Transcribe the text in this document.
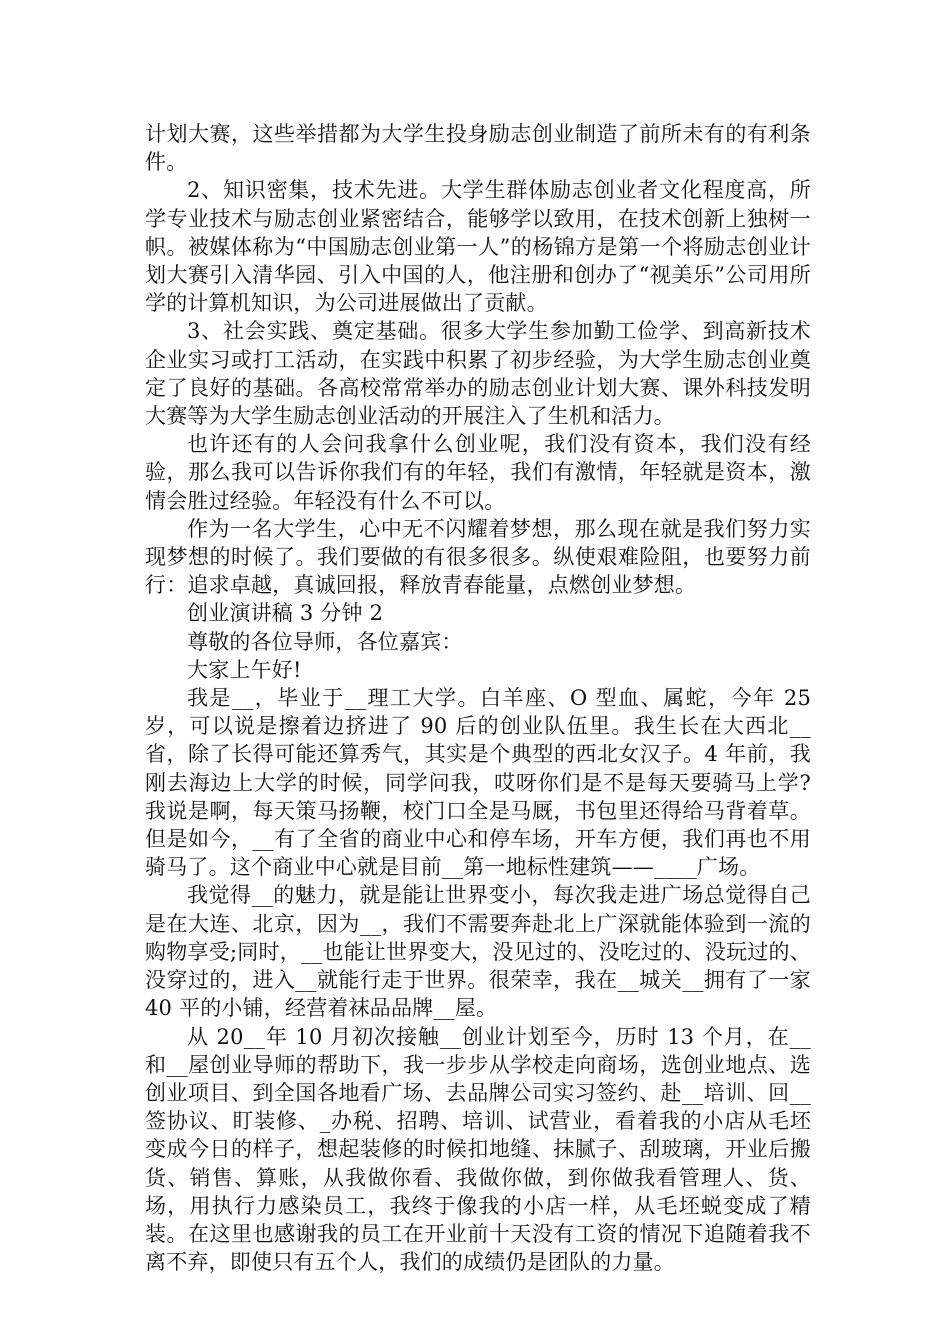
计划大赛，这些举措都为大学生投身励志创业制造了前所未有的有利条件。

2、知识密集，技术先进。大学生群体励志创业者文化程度高，所学专业技术与励志创业紧密结合，能够学以致用，在技术创新上独树一帜。被媒体称为“中国励志创业第一人”的杨锦方是第一个将励志创业计划大赛引入清华园、引入中国的人，他注册和创办了“视美乐”公司用所学的计算机知识，为公司进展做出了贡献。

3、社会实践、奠定基础。很多大学生参加勤工俭学、到高新技术企业实习或打工活动，在实践中积累了初步经验，为大学生励志创业奠定了良好的基础。各高校常常举办的励志创业计划大赛、课外科技发明大赛等为大学生励志创业活动的开展注入了生机和活力。

也许还有的人会问我拿什么创业呢，我们没有资本，我们没有经验，那么我可以告诉你我们有的年轻，我们有激情，年轻就是资本，激情会胜过经验。年轻没有什么不可以。

作为一名大学生，心中无不闪耀着梦想，那么现在就是我们努力实现梦想的时候了。我们要做的有很多很多。纵使艰难险阻，也要努力前行：追求卓越，真诚回报，释放青春能量，点燃创业梦想。

创业演讲稿 3 分钟 2

尊敬的各位导师，各位嘉宾：

大家上午好!

我是__，毕业于__理工大学。白羊座、O 型血、属蛇，今年 25 岁，可以说是擦着边挤进了 90 后的创业队伍里。我生长在大西北__省，除了长得可能还算秀气，其实是个典型的西北女汉子。4 年前，我刚去海边上大学的时候，同学问我，哎呀你们是不是每天要骑马上学?我说是啊，每天策马扬鞭，校门口全是马厩，书包里还得给马背着草。但是如今，__有了全省的商业中心和停车场，开车方便，我们再也不用骑马了。这个商业中心就是目前__第一地标性建筑——____广场。

我觉得__的魅力，就是能让世界变小，每次我走进广场总觉得自己是在大连、北京，因为__，我们不需要奔赴北上广深就能体验到一流的购物享受;同时，__也能让世界变大，没见过的、没吃过的、没玩过的、没穿过的，进入__就能行走于世界。很荣幸，我在__城关__拥有了一家 40 平的小铺，经营着袜品品牌__屋。

从 20__年 10 月初次接触__创业计划至今，历时 13 个月，在__和__屋创业导师的帮助下，我一步步从学校走向商场，选创业地点、选创业项目、到全国各地看广场、去品牌公司实习签约、赴__培训、回__签协议、盯装修、_办税、招聘、培训、试营业，看着我的小店从毛坯变成今日的样子，想起装修的时候扣地缝、抹腻子、刮玻璃，开业后搬货、销售、算账，从我做你看、我做你做，到你做我看管理人、货、场，用执行力感染员工，我终于像我的小店一样，从毛坯蜕变成了精装。在这里也感谢我的员工在开业前十天没有工资的情况下追随着我不离不弃，即使只有五个人，我们的成绩仍是团队的力量。
